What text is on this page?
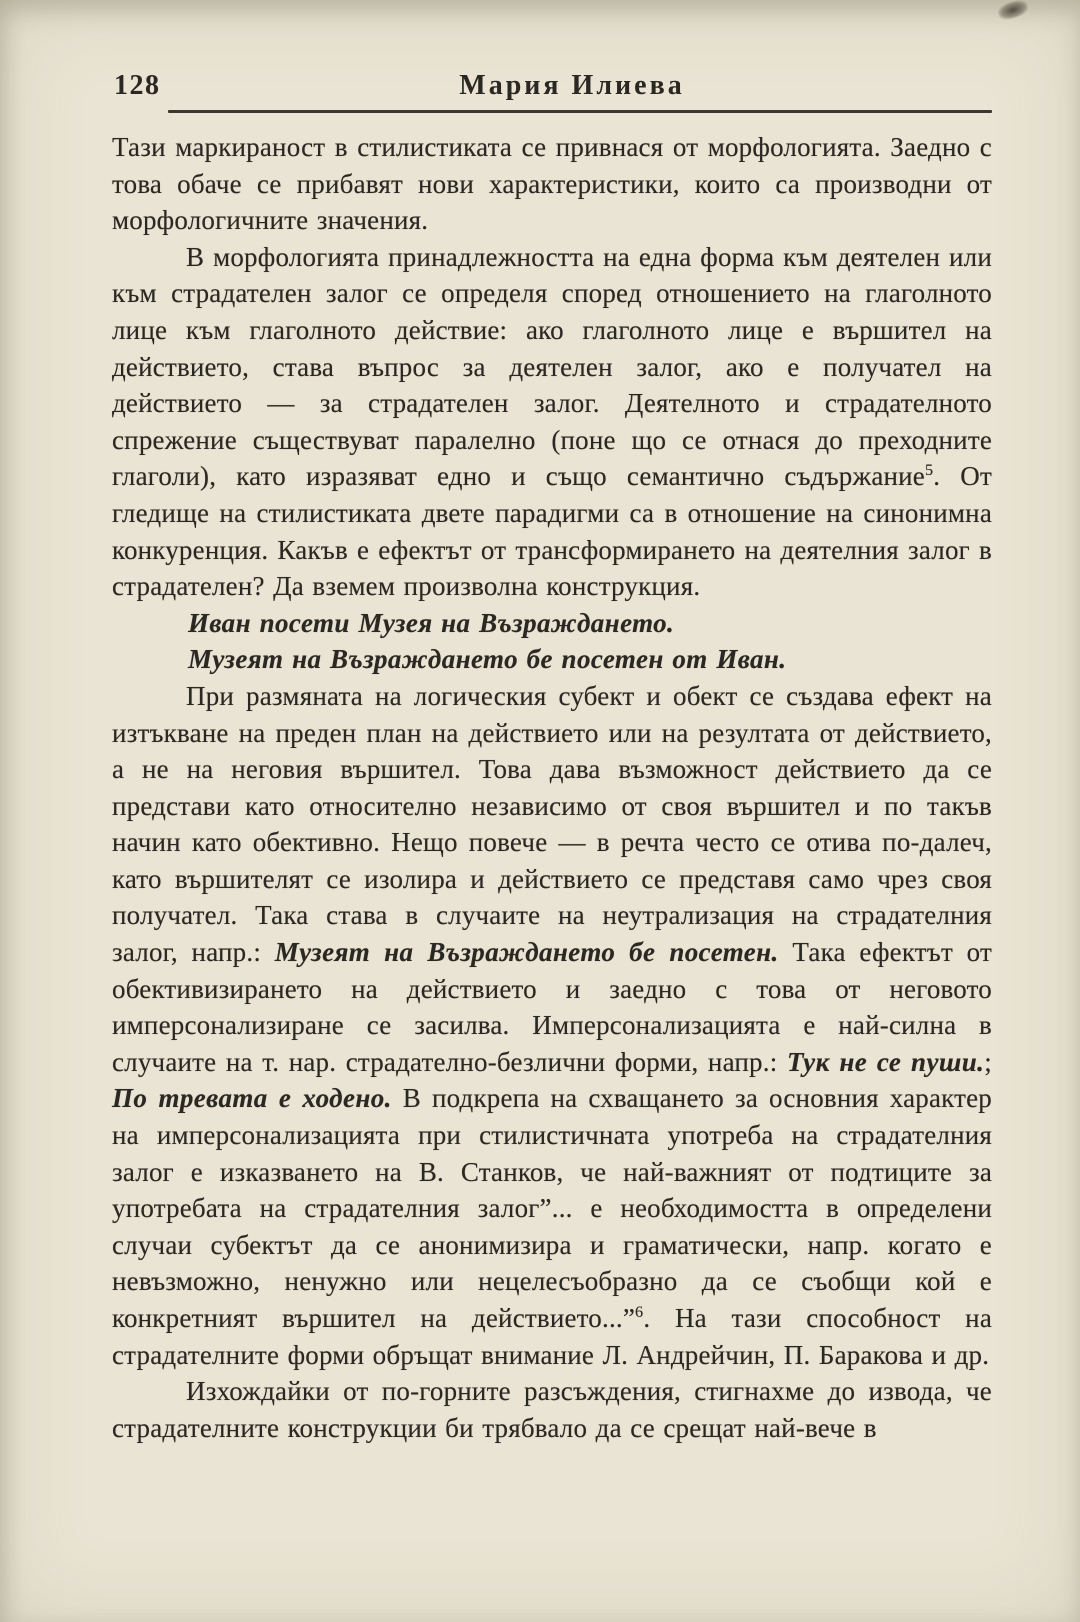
128	Мария Илиева

Тази маркираност в стилистиката се привнася от морфологията. Заедно с това обаче се прибавят нови характеристики, които са производни от морфологичните значения.

В морфологията принадлежността на една форма към деятелен или към страдателен залог се определя според отношението на глаголното лице към глаголното действие: ако глаголното лице е вършител на действието, става въпрос за деятелен залог, ако е получател на действието — за страдателен залог. Деятелното и страдателното спрежение съществуват паралелно (поне що се отнася до преходните глаголи), като изразяват едно и също семантично съдържание$^5$. От гледище на стилистиката двете парадигми са в отношение на синонимна конкуренция. Какъв е ефектът от трансформирането на деятелния залог в страдателен? Да вземем произволна конструкция.

Иван посети Музея на Възраждането.

Музеят на Възраждането бе посетен от Иван.

При размяната на логическия субект и обект се създава ефект на изтъкване на преден план на действието или на резултата от действието, а не на неговия вършител. Това дава възможност действието да се представи като относително независимо от своя вършител и по такъв начин като обективно. Нещо повече — в речта често се отива по-далеч, като вършителят се изолира и действието се представя само чрез своя получател. Така става в случаите на неутрализация на страдателния залог, напр.: Музеят на Възраждането бе посетен. Така ефектът от обективизирането на действието и заедно с това от неговото имперсонализиране се засилва. Имперсонализацията е най-силна в случаите на т. нар. страдателно-безлични форми, напр.: Тук не се пуши.; По тревата е ходено. В подкрепа на схващането за основния характер на имперсонализацията при стилистичната употреба на страдателния залог е изказването на В. Станков, че най-важният от подтиците за употребата на страдателния залог”... е необходимостта в определени случаи субектът да се анонимизира и граматически, напр. когато е невъзможно, ненужно или нецелесъобразно да се съобщи кой е конкретният вършител на действието...”$^6$. На тази способност на страдателните форми обръщат внимание Л. Андрейчин, П. Баракова и др.

Изхождайки от по-горните разсъждения, стигнахме до извода, че страдателните конструкции би трябвало да се срещат най-вече в
